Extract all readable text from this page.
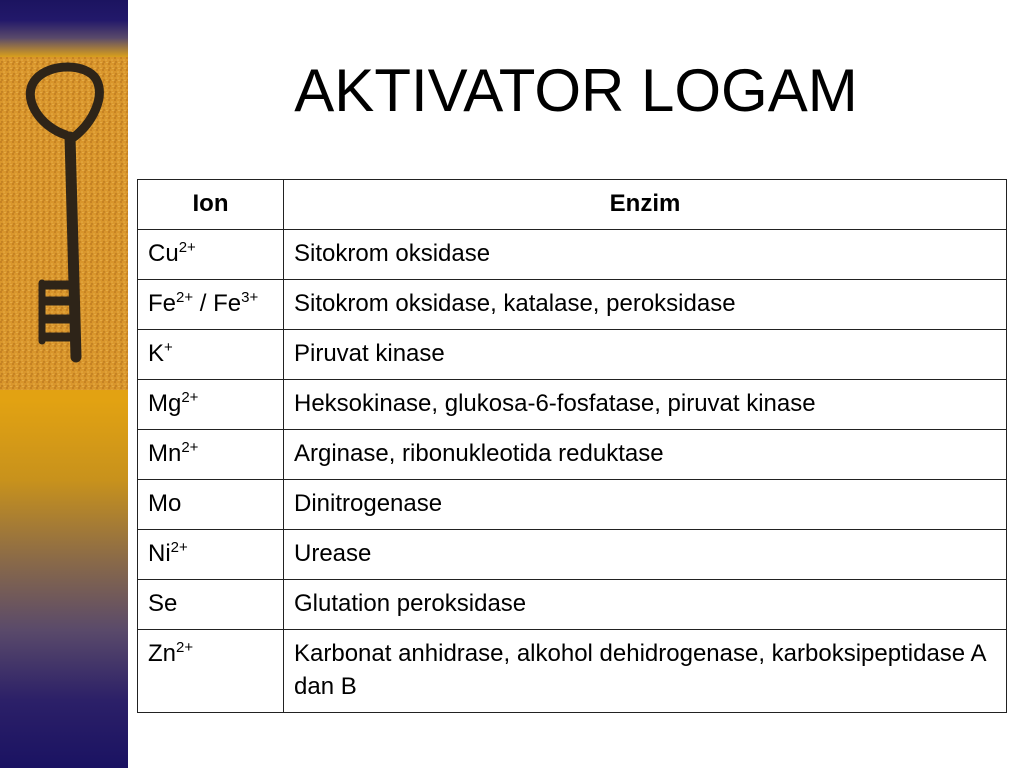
AKTIVATOR LOGAM
Ion	Enzim
$Cu^{2+}$	Sitokrom oksidase
$Fe^{2+} / Fe^{3+}$	Sitokrom oksidase, katalase, peroksidase
K+	Piruvat kinase
$Mg^{2+}$	Heksokinase, glukosa-6-fosfatase, piruvat kinase
$Mn^{2+}$	Arginase, ribonukleotida reduktase
Mo	Dinitrogenase
$Ni^{2+}$	Urease
Se	Glutation peroksidase
$Zn^{2+}$	Karbonat anhidrase, alkohol dehidrogenase, karboksipeptidase A dan B
